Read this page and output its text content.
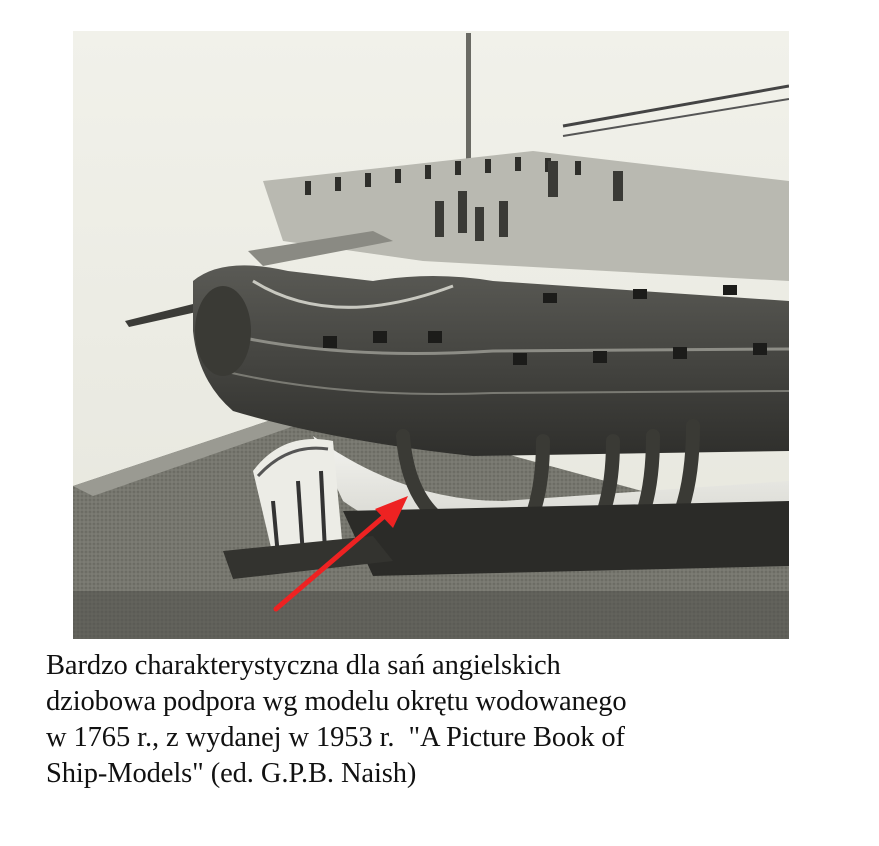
Bardzo charakterystyczna dla sań angielskich
dziobowa podpora wg modelu okrętu wodowanego
w 1765 r., z wydanej w 1953 r.  "A Picture Book of
Ship-Models" (ed. G.P.B. Naish)
